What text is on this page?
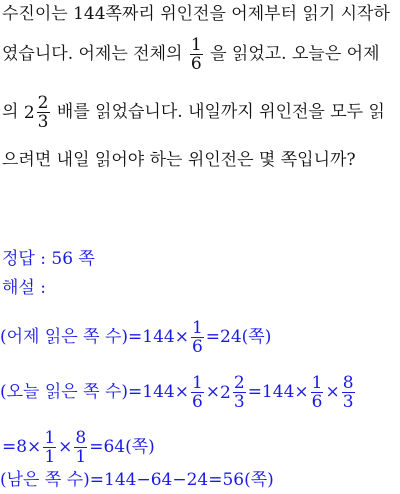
수진이는 144쪽짜리 위인전을 어제부터 읽기 시작하
였습니다. 어제는 전체의 $\frac{1}{6}$ 을 읽었고. 오늘은 어제
의 $2 \frac{2}{3}$ 배를 읽었습니다. 내일까지 위인전을 모두 읽
으려면 내일 읽어야 하는 위인전은 몇 쪽입니까?
정답 : 56 쪽
해설 :
(어제 읽은 쪽 수)$=144\times \frac{1}{6} =24$(쪽)
(오늘 읽은 쪽 수)$=144\times \frac{1}{6} \times 2 \frac{2}{3} =144\times \frac{1}{6} \times \frac{8}{3}$
$=8\times \frac{1}{1} \times \frac{8}{1} =64$(쪽)
(남은 쪽 수)=144−64−24=56(쪽)
